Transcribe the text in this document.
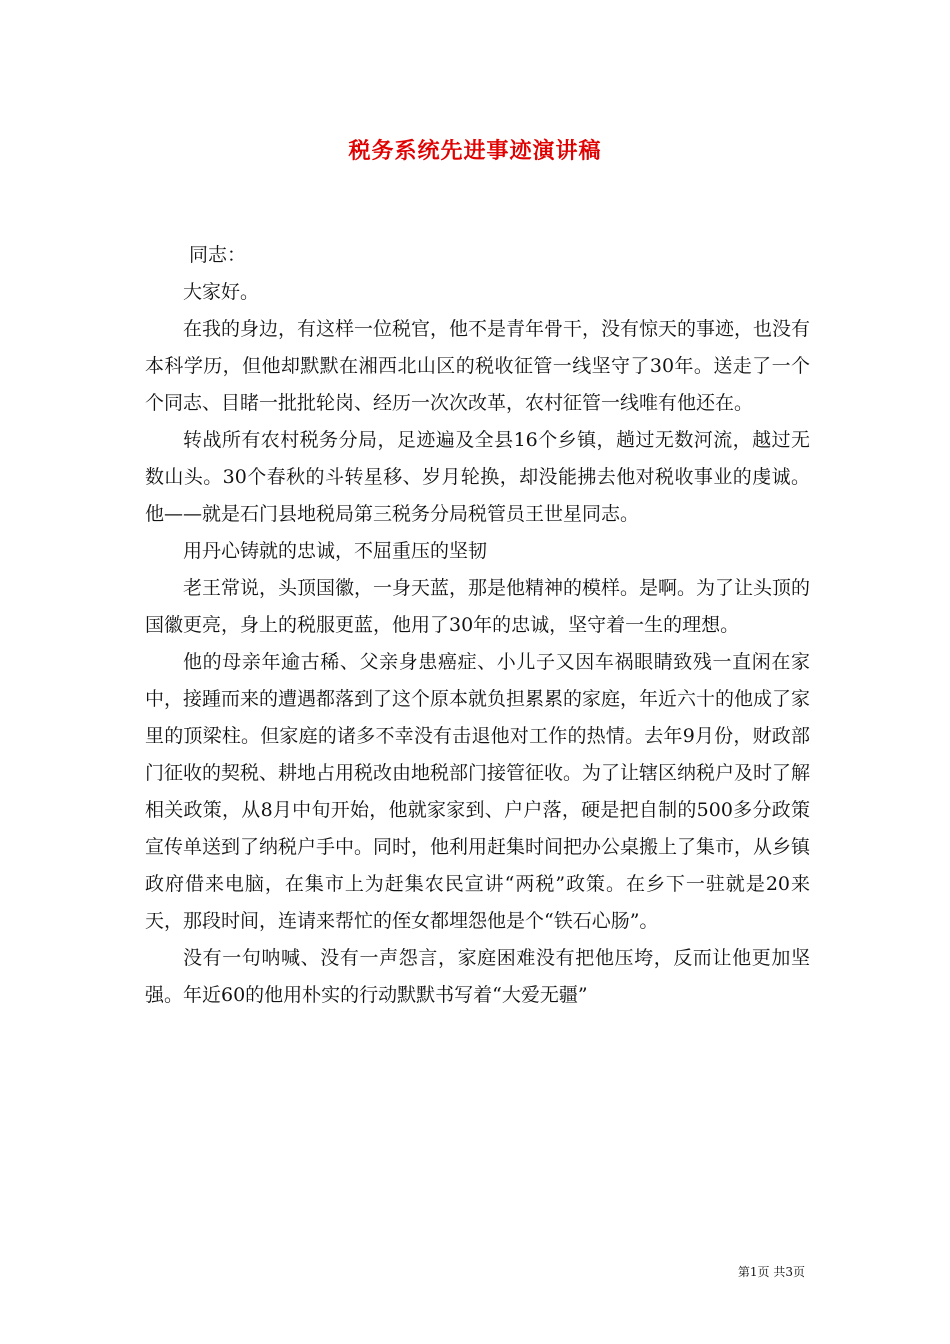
税务系统先进事迹演讲稿

同志：

大家好。

在我的身边，有这样一位税官，他不是青年骨干，没有惊天的事迹，也没有本科学历，但他却默默在湘西北山区的税收征管一线坚守了30年。送走了一个个同志、目睹一批批轮岗、经历一次次改革，农村征管一线唯有他还在。

转战所有农村税务分局，足迹遍及全县16个乡镇，趟过无数河流，越过无数山头。30个春秋的斗转星移、岁月轮换，却没能拂去他对税收事业的虔诚。他——就是石门县地税局第三税务分局税管员王世星同志。

用丹心铸就的忠诚，不屈重压的坚韧

老王常说，头顶国徽，一身天蓝，那是他精神的模样。是啊。为了让头顶的国徽更亮，身上的税服更蓝，他用了30年的忠诚，坚守着一生的理想。

他的母亲年逾古稀、父亲身患癌症、小儿子又因车祸眼睛致残一直闲在家中，接踵而来的遭遇都落到了这个原本就负担累累的家庭，年近六十的他成了家里的顶梁柱。但家庭的诸多不幸没有击退他对工作的热情。去年9月份，财政部门征收的契税、耕地占用税改由地税部门接管征收。为了让辖区纳税户及时了解相关政策，从8月中旬开始，他就家家到、户户落，硬是把自制的500多分政策宣传单送到了纳税户手中。同时，他利用赶集时间把办公桌搬上了集市，从乡镇政府借来电脑，在集市上为赶集农民宣讲“两税”政策。在乡下一驻就是20来天，那段时间，连请来帮忙的侄女都埋怨他是个“铁石心肠”。

没有一句呐喊、没有一声怨言，家庭困难没有把他压垮，反而让他更加坚强。年近60的他用朴实的行动默默书写着“大爱无疆”

第1页 共3页
